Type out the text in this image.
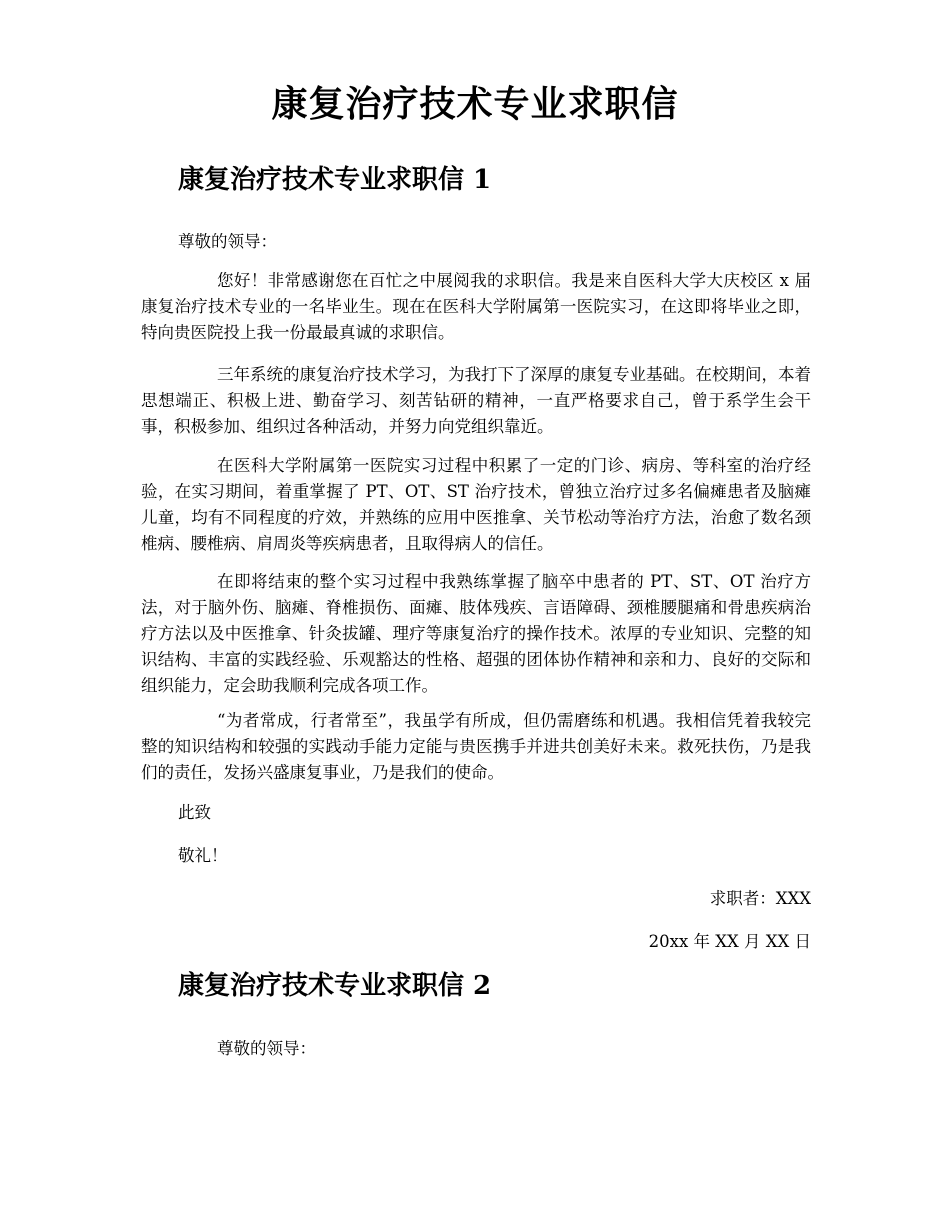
康复治疗技术专业求职信
康复治疗技术专业求职信 1

尊敬的领导：

您好！非常感谢您在百忙之中展阅我的求职信。我是来自医科大学大庆校区 x 届康复治疗技术专业的一名毕业生。现在在医科大学附属第一医院实习，在这即将毕业之即，特向贵医院投上我一份最最真诚的求职信。

三年系统的康复治疗技术学习，为我打下了深厚的康复专业基础。在校期间，本着思想端正、积极上进、勤奋学习、刻苦钻研的精神，一直严格要求自己，曾于系学生会干事，积极参加、组织过各种活动，并努力向党组织靠近。

在医科大学附属第一医院实习过程中积累了一定的门诊、病房、等科室的治疗经验，在实习期间，着重掌握了 PT、OT、ST 治疗技术，曾独立治疗过多名偏瘫患者及脑瘫儿童，均有不同程度的疗效，并熟练的应用中医推拿、关节松动等治疗方法，治愈了数名颈椎病、腰椎病、肩周炎等疾病患者，且取得病人的信任。

在即将结束的整个实习过程中我熟练掌握了脑卒中患者的 PT、ST、OT 治疗方法，对于脑外伤、脑瘫、脊椎损伤、面瘫、肢体残疾、言语障碍、颈椎腰腿痛和骨患疾病治疗方法以及中医推拿、针灸拔罐、理疗等康复治疗的操作技术。浓厚的专业知识、完整的知识结构、丰富的实践经验、乐观豁达的性格、超强的团体协作精神和亲和力、良好的交际和组织能力，定会助我顺利完成各项工作。

“为者常成，行者常至”，我虽学有所成，但仍需磨练和机遇。我相信凭着我较完整的知识结构和较强的实践动手能力定能与贵医携手并进共创美好未来。救死扶伤，乃是我们的责任，发扬兴盛康复事业，乃是我们的使命。

此致

敬礼！

求职者：XXX

20xx 年 XX 月 XX 日

康复治疗技术专业求职信 2

尊敬的领导：
